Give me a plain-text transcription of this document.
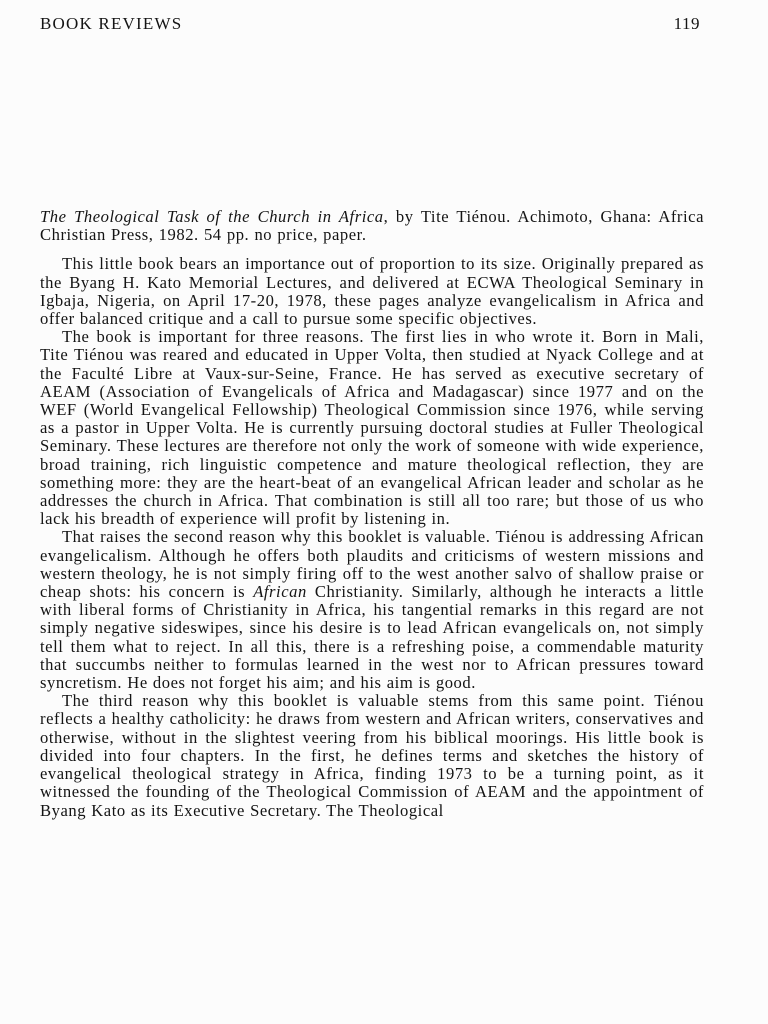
BOOK REVIEWS	119

The Theological Task of the Church in Africa, by Tite Tiénou. Achimoto, Ghana: Africa Christian Press, 1982. 54 pp. no price, paper.

This little book bears an importance out of proportion to its size. Originally prepared as the Byang H. Kato Memorial Lectures, and delivered at ECWA Theological Seminary in Igbaja, Nigeria, on April 17-20, 1978, these pages analyze evangelicalism in Africa and offer balanced critique and a call to pursue some specific objectives.

The book is important for three reasons. The first lies in who wrote it. Born in Mali, Tite Tiénou was reared and educated in Upper Volta, then studied at Nyack College and at the Faculté Libre at Vaux-sur-Seine, France. He has served as executive secretary of AEAM (Association of Evangelicals of Africa and Madagascar) since 1977 and on the WEF (World Evangelical Fellowship) Theological Commission since 1976, while serving as a pastor in Upper Volta. He is currently pursuing doctoral studies at Fuller Theological Seminary. These lectures are therefore not only the work of someone with wide experience, broad training, rich linguistic competence and mature theological reflection, they are something more: they are the heart-beat of an evangelical African leader and scholar as he addresses the church in Africa. That combination is still all too rare; but those of us who lack his breadth of experience will profit by listening in.

That raises the second reason why this booklet is valuable. Tiénou is addressing African evangelicalism. Although he offers both plaudits and criticisms of western missions and western theology, he is not simply firing off to the west another salvo of shallow praise or cheap shots: his concern is African Christianity. Similarly, although he interacts a little with liberal forms of Christianity in Africa, his tangential remarks in this regard are not simply negative sideswipes, since his desire is to lead African evangelicals on, not simply tell them what to reject. In all this, there is a refreshing poise, a commendable maturity that succumbs neither to formulas learned in the west nor to African pressures toward syncretism. He does not forget his aim; and his aim is good.

The third reason why this booklet is valuable stems from this same point. Tiénou reflects a healthy catholicity: he draws from western and African writers, conservatives and otherwise, without in the slightest veering from his biblical moorings. His little book is divided into four chapters. In the first, he defines terms and sketches the history of evangelical theological strategy in Africa, finding 1973 to be a turning point, as it witnessed the founding of the Theological Commission of AEAM and the appointment of Byang Kato as its Executive Secretary. The Theological
